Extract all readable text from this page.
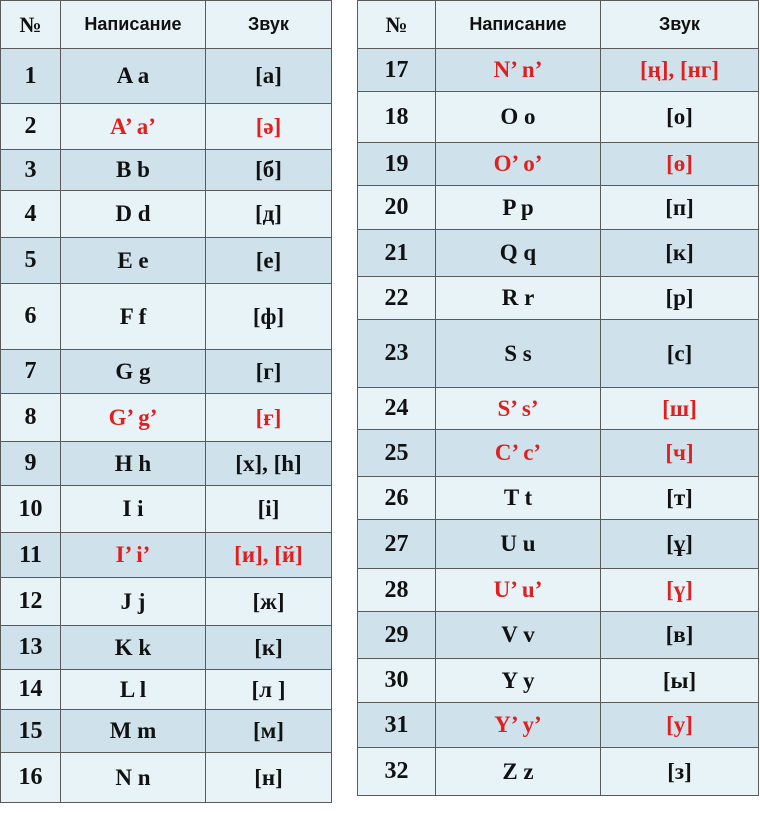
№	Написание	Звук
1	A a	[а]
2	A’ a’	[ә]
3	B b	[б]
4	D d	[д]
5	E e	[е]
6	F f	[ф]
7	G g	[г]
8	G’ g’	[ғ]
9	H h	[х], [h]
10	I i	[і]
11	I’ i’	[и], [й]
12	J j	[ж]
13	K k	[к]
14	L l	[л ]
15	M m	[м]
16	N n	[н]
№	Написание	Звук
17	N’ n’	[ң], [нг]
18	O o	[о]
19	O’ o’	[ө]
20	P p	[п]
21	Q q	[к]
22	R r	[р]
23	S s	[с]
24	S’ s’	[ш]
25	C’ c’	[ч]
26	T t	[т]
27	U u	[ұ]
28	U’ u’	[ү]
29	V v	[в]
30	Y y	[ы]
31	Y’ y’	[у]
32	Z z	[з]
